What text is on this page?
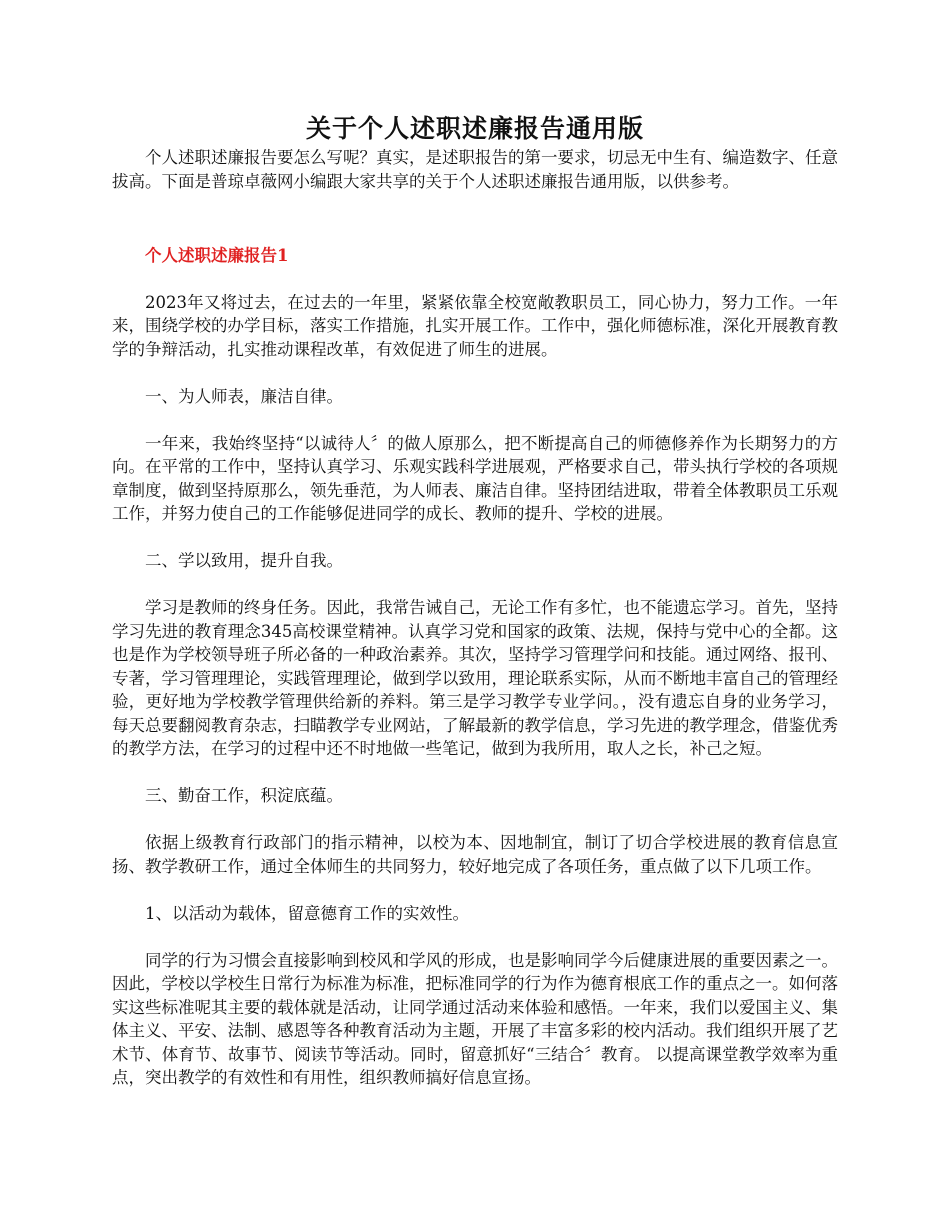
关于个人述职述廉报告通用版

个人述职述廉报告要怎么写呢？真实，是述职报告的第一要求，切忌无中生有、编造数字、任意拔高。下面是普琼卓薇网小编跟大家共享的关于个人述职述廉报告通用版，以供参考。

个人述职述廉报告1

2023年又将过去，在过去的一年里，紧紧依靠全校宽敞教职员工，同心协力，努力工作。一年来，围绕学校的办学目标，落实工作措施，扎实开展工作。工作中，强化师德标准，深化开展教育教学的争辩活动，扎实推动课程改革，有效促进了师生的进展。

一、为人师表，廉洁自律。

一年来，我始终坚持“以诚待人〞的做人原那么，把不断提高自己的师德修养作为长期努力的方向。在平常的工作中，坚持认真学习、乐观实践科学进展观，严格要求自己，带头执行学校的各项规章制度，做到坚持原那么，领先垂范，为人师表、廉洁自律。坚持团结进取，带着全体教职员工乐观工作，并努力使自己的工作能够促进同学的成长、教师的提升、学校的进展。

二、学以致用，提升自我。

学习是教师的终身任务。因此，我常告诫自己，无论工作有多忙，也不能遗忘学习。首先，坚持学习先进的教育理念345高校课堂精神。认真学习党和国家的政策、法规，保持与党中心的全都。这也是作为学校领导班子所必备的一种政治素养。其次，坚持学习管理学问和技能。通过网络、报刊、专著，学习管理理论，实践管理理论，做到学以致用，理论联系实际，从而不断地丰富自己的管理经验，更好地为学校教学管理供给新的养料。第三是学习教学专业学问。，没有遗忘自身的业务学习，每天总要翻阅教育杂志，扫瞄教学专业网站，了解最新的教学信息，学习先进的教学理念，借鉴优秀的教学方法，在学习的过程中还不时地做一些笔记，做到为我所用，取人之长，补己之短。

三、勤奋工作，积淀底蕴。

依据上级教育行政部门的指示精神，以校为本、因地制宜，制订了切合学校进展的教育信息宣扬、教学教研工作，通过全体师生的共同努力，较好地完成了各项任务，重点做了以下几项工作。

1、以活动为载体，留意德育工作的实效性。

同学的行为习惯会直接影响到校风和学风的形成，也是影响同学今后健康进展的重要因素之一。因此，学校以学校生日常行为标准为标准，把标准同学的行为作为德育根底工作的重点之一。如何落实这些标准呢其主要的载体就是活动，让同学通过活动来体验和感悟。一年来，我们以爱国主义、集体主义、平安、法制、感恩等各种教育活动为主题，开展了丰富多彩的校内活动。我们组织开展了艺术节、体育节、故事节、阅读节等活动。同时，留意抓好“三结合〞教育。 以提高课堂教学效率为重点，突出教学的有效性和有用性，组织教师搞好信息宣扬。
